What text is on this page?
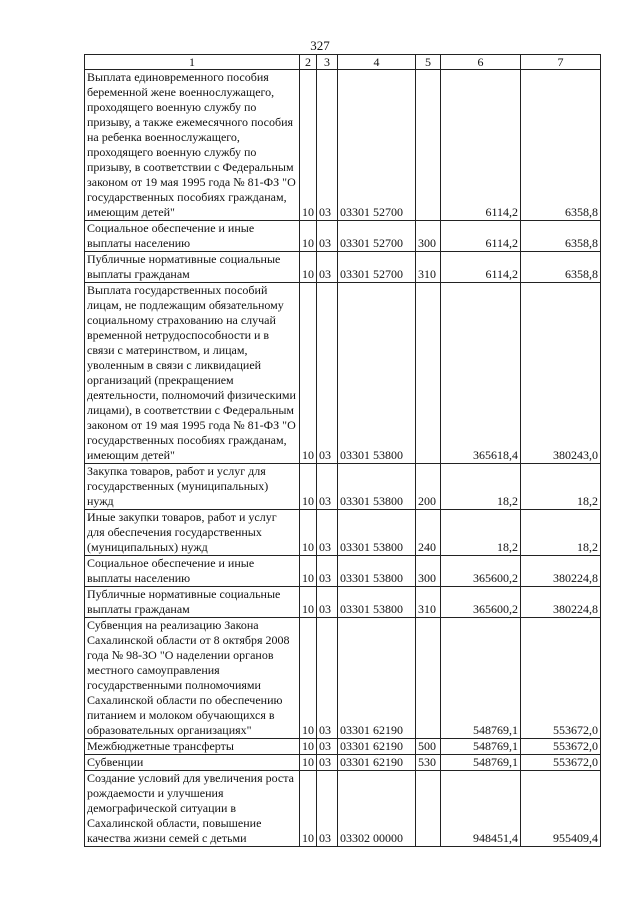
327
1	2	3	4	5	6	7
Выплата единовременного пособия беременной жене военнослужащего, проходящего военную службу по призыву, а также ежемесячного пособия на ребенка военнослужащего, проходящего военную службу по призыву, в соответствии с Федеральным законом от 19 мая 1995 года № 81-ФЗ "О государственных пособиях гражданам, имеющим детей"	10	03	03301 52700		6114,2	6358,8
Социальное обеспечение и иные выплаты населению	10	03	03301 52700	300	6114,2	6358,8
Публичные нормативные социальные выплаты гражданам	10	03	03301 52700	310	6114,2	6358,8
Выплата государственных пособий лицам, не подлежащим обязательному социальному страхованию на случай временной нетрудоспособности и в связи с материнством, и лицам, уволенным в связи с ликвидацией организаций (прекращением деятельности, полномочий физическими лицами), в соответствии с Федеральным законом от 19 мая 1995 года № 81-ФЗ "О государственных пособиях гражданам, имеющим детей"	10	03	03301 53800		365618,4	380243,0
Закупка товаров, работ и услуг для государственных (муниципальных) нужд	10	03	03301 53800	200	18,2	18,2
Иные закупки товаров, работ и услуг для обеспечения государственных (муниципальных) нужд	10	03	03301 53800	240	18,2	18,2
Социальное обеспечение и иные выплаты населению	10	03	03301 53800	300	365600,2	380224,8
Публичные нормативные социальные выплаты гражданам	10	03	03301 53800	310	365600,2	380224,8
Субвенция на реализацию Закона Сахалинской области от 8 октября 2008 года № 98-ЗО "О наделении органов местного самоуправления государственными полномочиями Сахалинской области по обеспечению питанием и молоком обучающихся в образовательных организациях"	10	03	03301 62190		548769,1	553672,0
Межбюджетные трансферты	10	03	03301 62190	500	548769,1	553672,0
Субвенции	10	03	03301 62190	530	548769,1	553672,0
Создание условий для увеличения роста рождаемости и улучшения демографической ситуации в Сахалинской области, повышение качества жизни семей с детьми	10	03	03302 00000		948451,4	955409,4
